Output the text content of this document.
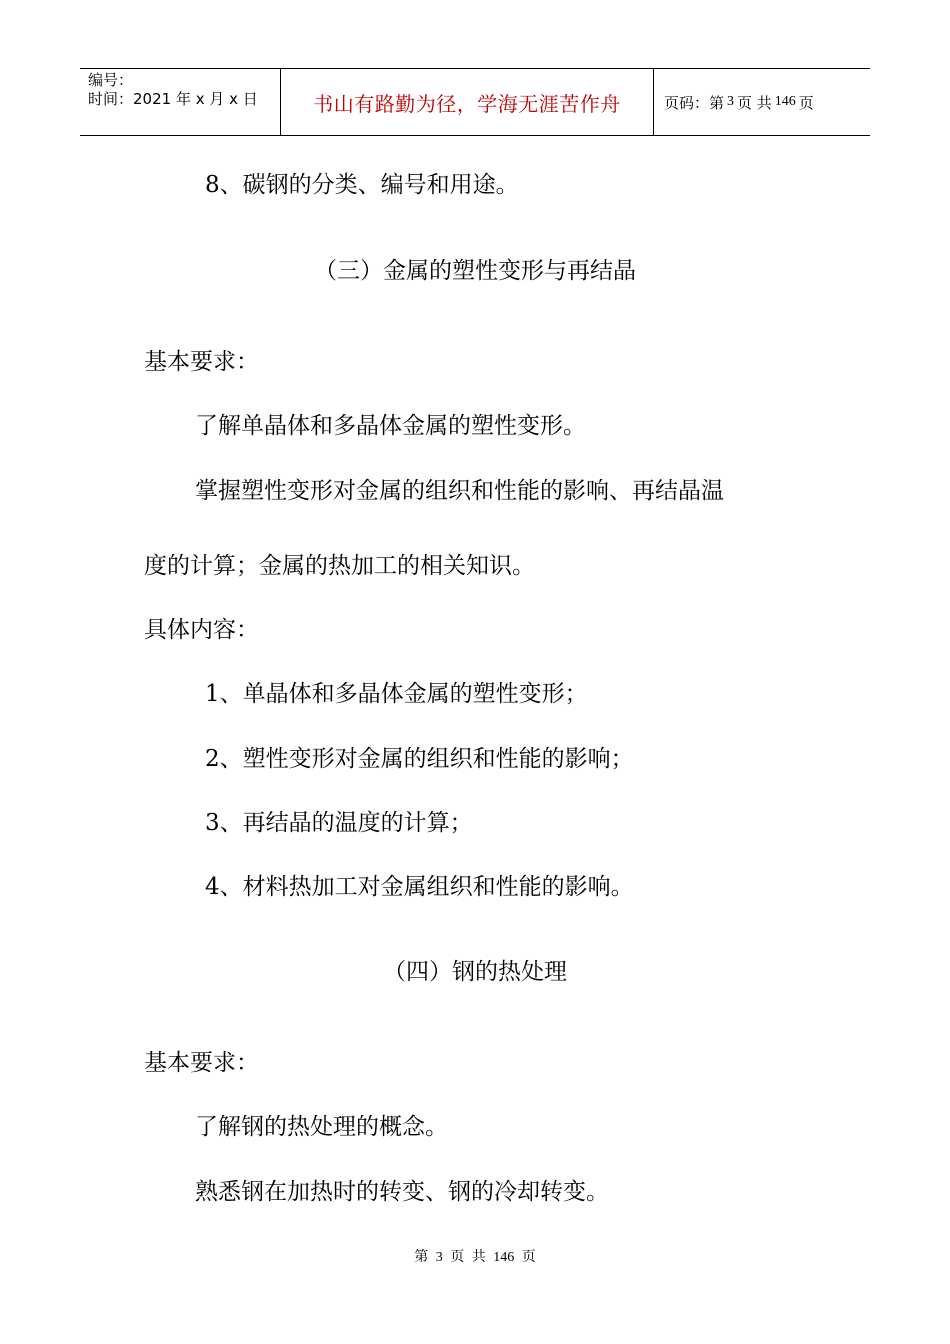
编号：
时间：2021 年 x 月 x 日	书山有路勤为径，学海无涯苦作舟	页码：第 3 页 共 146 页
8、碳钢的分类、编号和用途。
（三）金属的塑性变形与再结晶
基本要求：
了解单晶体和多晶体金属的塑性变形。
掌握塑性变形对金属的组织和性能的影响、再结晶温
度的计算；金属的热加工的相关知识。
具体内容：
1、单晶体和多晶体金属的塑性变形；
2、塑性变形对金属的组织和性能的影响；
3、再结晶的温度的计算；
4、材料热加工对金属组织和性能的影响。
（四）钢的热处理
基本要求：
了解钢的热处理的概念。
熟悉钢在加热时的转变、钢的冷却转变。
第 3 页 共 146 页
